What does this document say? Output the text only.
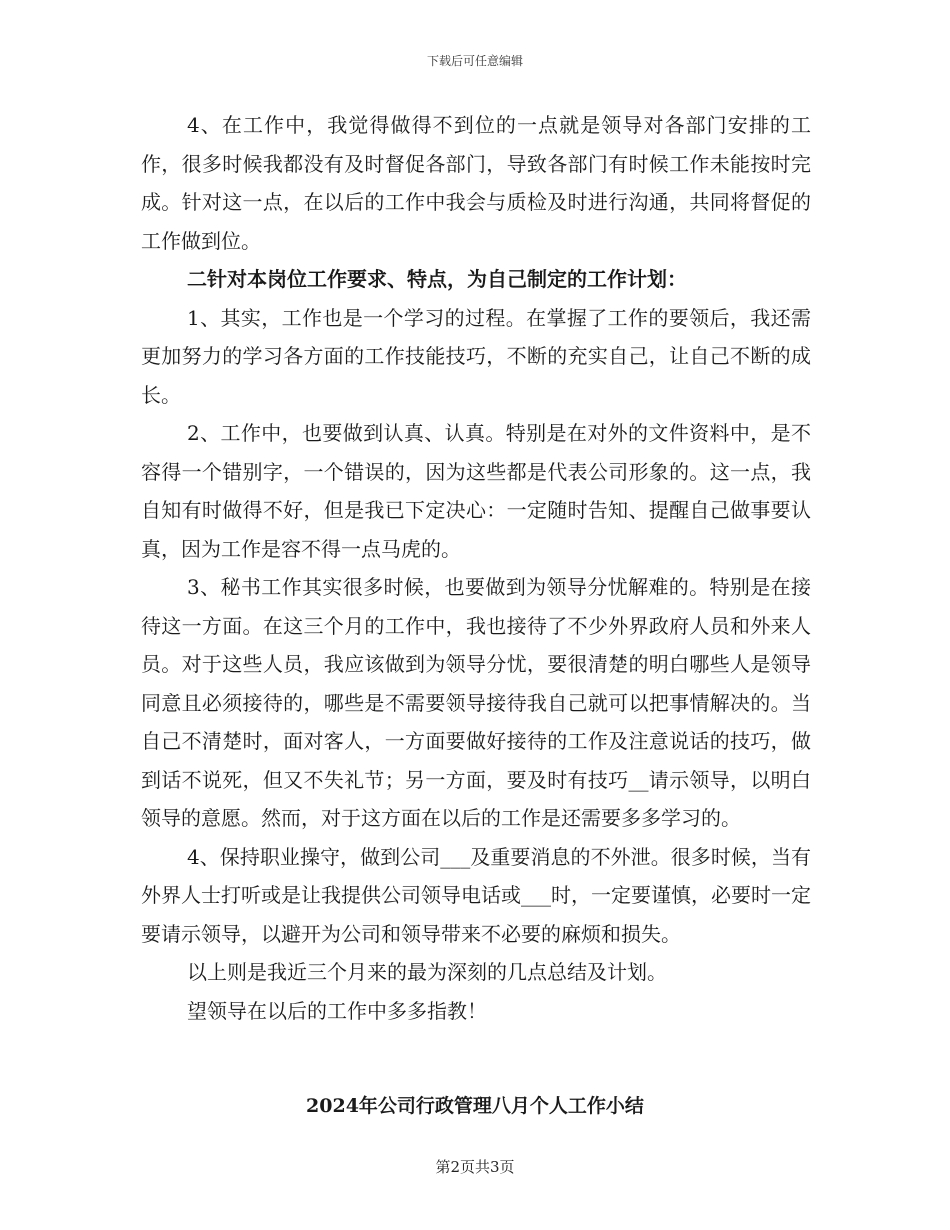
下载后可任意编辑

4、在工作中，我觉得做得不到位的一点就是领导对各部门安排的工作，很多时候我都没有及时督促各部门，导致各部门有时候工作未能按时完成。针对这一点，在以后的工作中我会与质检及时进行沟通，共同将督促的工作做到位。

二针对本岗位工作要求、特点，为自己制定的工作计划：

1、其实，工作也是一个学习的过程。在掌握了工作的要领后，我还需更加努力的学习各方面的工作技能技巧，不断的充实自己，让自己不断的成长。

2、工作中，也要做到认真、认真。特别是在对外的文件资料中，是不容得一个错别字，一个错误的，因为这些都是代表公司形象的。这一点，我自知有时做得不好，但是我已下定决心：一定随时告知、提醒自己做事要认真，因为工作是容不得一点马虎的。

3、秘书工作其实很多时候，也要做到为领导分忧解难的。特别是在接待这一方面。在这三个月的工作中，我也接待了不少外界政府人员和外来人员。对于这些人员，我应该做到为领导分忧，要很清楚的明白哪些人是领导同意且必须接待的，哪些是不需要领导接待我自己就可以把事情解决的。当自己不清楚时，面对客人，一方面要做好接待的工作及注意说话的技巧，做到话不说死，但又不失礼节；另一方面，要及时有技巧__请示领导，以明白领导的意愿。然而，对于这方面在以后的工作是还需要多多学习的。

4、保持职业操守，做到公司___及重要消息的不外泄。很多时候，当有外界人士打听或是让我提供公司领导电话或___时，一定要谨慎，必要时一定要请示领导，以避开为公司和领导带来不必要的麻烦和损失。

以上则是我近三个月来的最为深刻的几点总结及计划。

望领导在以后的工作中多多指教！

2024年公司行政管理八月个人工作小结
第2页共3页
